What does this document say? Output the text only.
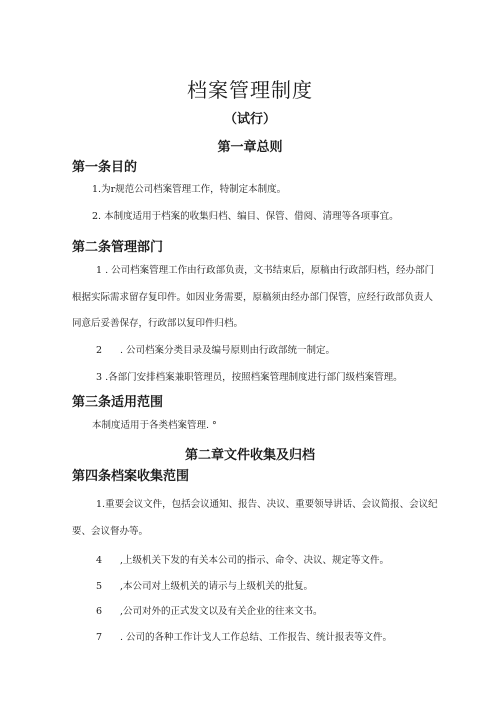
档案管理制度
（试行）
第一章总则
第一条目的
1.为r规范公司档案管理工作，特制定本制度。
2. 本制度适用于档案的收集归档、编目、保管、借阅、清理等各项事宜。
第二条管理部门
1 . 公司档案管理工作由行政部负责，文书结束后，原稿由行政部归档，经办部门
根据实际需求留存复印件。如因业务需要，原稿须由经办部门保管，应经行政部负责人
同意后妥善保存，行政部以复印件归档。
2 . 公司档案分类目录及编号原则由行政部统一制定。
3 .各部门安排档案兼职管理员，按照档案管理制度进行部门级档案管理。
第三条适用范围
本制度适用于各类档案管理. °
第二章文件收集及归档
第四条档案收集范围
1.重要会议文件，包括会议通知、报告、决议、重要领导讲话、会议简报、会议纪
要、会议督办等。
4 ,上级机关下发的有关本公司的指示、命令、决议、规定等文件。
5 ,本公司对上级机关的请示与上级机关的批复。
6 ,公司对外的正式发文以及有关企业的往来文书。
7 . 公司的各种工作计戈人工作总结、工作报告、统计报表等文件。
